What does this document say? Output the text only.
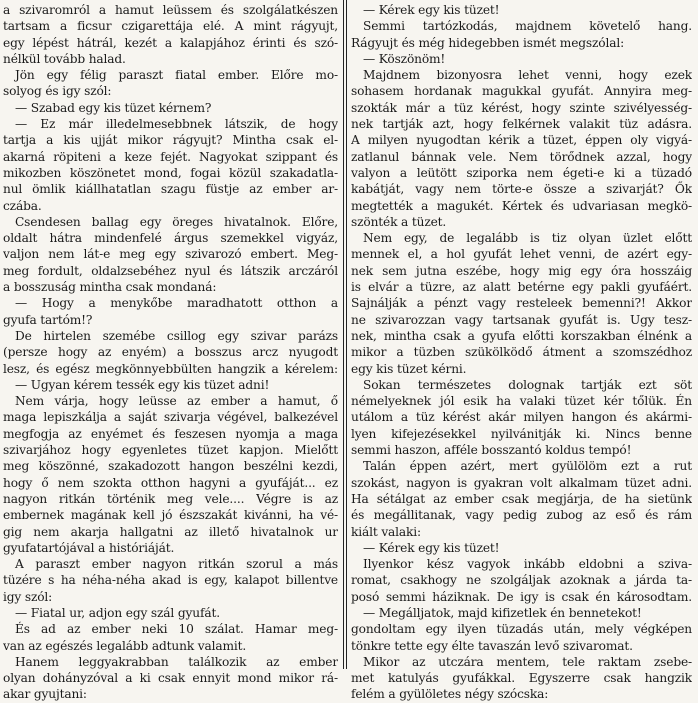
a szivaromról a hamut leüssem és szolgálatkészen
tartsam a ficsur czigarettája elé. A mint rágyujt,
egy lépést hátrál, kezét a kalapjához érinti és szó-
nélkül tovább halad.
Jön egy félig paraszt fiatal ember. Előre mo-
solyog és igy szól:
— Szabad egy kis tüzet kérnem?
— Ez már illedelmesebbnek látszik, de hogy
tartja a kis ujját mikor rágyujt? Mintha csak el-
akarná röpiteni a keze fejét. Nagyokat szippant és
mikozben köszönetet mond, fogai közül szakadatla-
nul ömlik kiállhatatlan szagu füstje az ember ar-
czába.
Csendesen ballag egy öreges hivatalnok. Előre,
oldalt hátra mindenfelé árgus szemekkel vigyáz,
valjon nem lát-e meg egy szivarozó embert. Meg-
meg fordult, oldalzsebéhez nyul és látszik arczáról
a bosszuság mintha csak mondaná:
— Hogy a menykőbe maradhatott otthon a
gyufa tartóm!?
De hirtelen szemébe csillog egy szivar parázs
(persze hogy az enyém) a bosszus arcz nyugodt
lesz, és egész megkönnyebbülten hangzik a kérelem:
— Ugyan kérem tessék egy kis tüzet adni!
Nem várja, hogy leüsse az ember a hamut, ő
maga lepiszkálja a saját szivarja végével, balkezével
megfogja az enyémet és feszesen nyomja a maga
szivarjához hogy egyenletes tüzet kapjon. Mielőtt
meg köszönné, szakadozott hangon beszélni kezdi,
hogy ő nem szokta otthon hagyni a gyufáját... ez
nagyon ritkán történik meg vele.... Végre is az
embernek magának kell jó észszakát kivánni, ha vé-
gig nem akarja hallgatni az illető hivatalnok ur
gyufatartójával a históriáját.
A paraszt ember nagyon ritkán szorul a más
tüzére s ha néha-néha akad is egy, kalapot billentve
igy szól:
— Fiatal ur, adjon egy szál gyufát.
És ad az ember neki 10 szálat. Hamar meg-
van az egészés legalább adtunk valamit.
Hanem leggyakrabban találkozik az ember
olyan dohányzóval a ki csak ennyit mond mikor rá-
akar gyujtani:
— Kérek egy kis tüzet!
Semmi tartózkodás, majdnem követelő hang.
Rágyujt és még hidegebben ismét megszólal:
— Köszönöm!
Majdnem bizonyosra lehet venni, hogy ezek
sohasem hordanak magukkal gyufát. Annyira meg-
szokták már a tüz kérést, hogy szinte szivélyesség-
nek tartják azt, hogy felkérnek valakit tüz adásra.
A milyen nyugodtan kérik a tüzet, éppen oly vigyá-
zatlanul bánnak vele. Nem törődnek azzal, hogy
valyon a leütött sziporka nem égeti-e ki a tüzadó
kabátját, vagy nem törte-e össze a szivarját? Ők
megtették a magukét. Kértek és udvariasan megkö-
szönték a tüzet.
Nem egy, de legalább is tiz olyan üzlet előtt
mennek el, a hol gyufát lehet venni, de azért egy-
nek sem jutna eszébe, hogy mig egy óra hosszáig
is elvár a tüzre, az alatt betérne egy pakli gyufáért.
Sajnálják a pénzt vagy resteleek bemenni?! Akkor
ne szivarozzan vagy tartsanak gyufát is. Ugy tesz-
nek, mintha csak a gyufa előtti korszakban élnénk a
mikor a tüzben szükölködő átment a szomszédhoz
egy kis tüzet kérni.
Sokan természetes dolognak tartják ezt söt
némelyeknek jól esik ha valaki tüzet kér tőlük. Én
utálom a tüz kérést akár milyen hangon és akármi-
lyen kifejezésekkel nyilvánitják ki. Nincs benne
semmi haszon, afféle bosszantó koldus tempó!
Talán éppen azért, mert gyülölöm ezt a rut
szokást, nagyon is gyakran volt alkalmam tüzet adni.
Ha sétálgat az ember csak megjárja, de ha sietünk
és megállitanak, vagy pedig zubog az eső és rám
kiált valaki:
— Kérek egy kis tüzet!
Ilyenkor kész vagyok inkább eldobni a sziva-
romat, csakhogy ne szolgáljak azoknak a járda ta-
posó semmi háziknak. De igy is csak én károsodtam.
— Megálljatok, majd kifizetlek én bennetekot!
gondoltam egy ilyen tüzadás után, mely végképen
tönkre tette egy élte tavaszán levő szivaromat.
Mikor az utczára mentem, tele raktam zsebe-
met katulyás gyufákkal. Egyszerre csak hangzik
felém a gyülöletes négy szócska:
